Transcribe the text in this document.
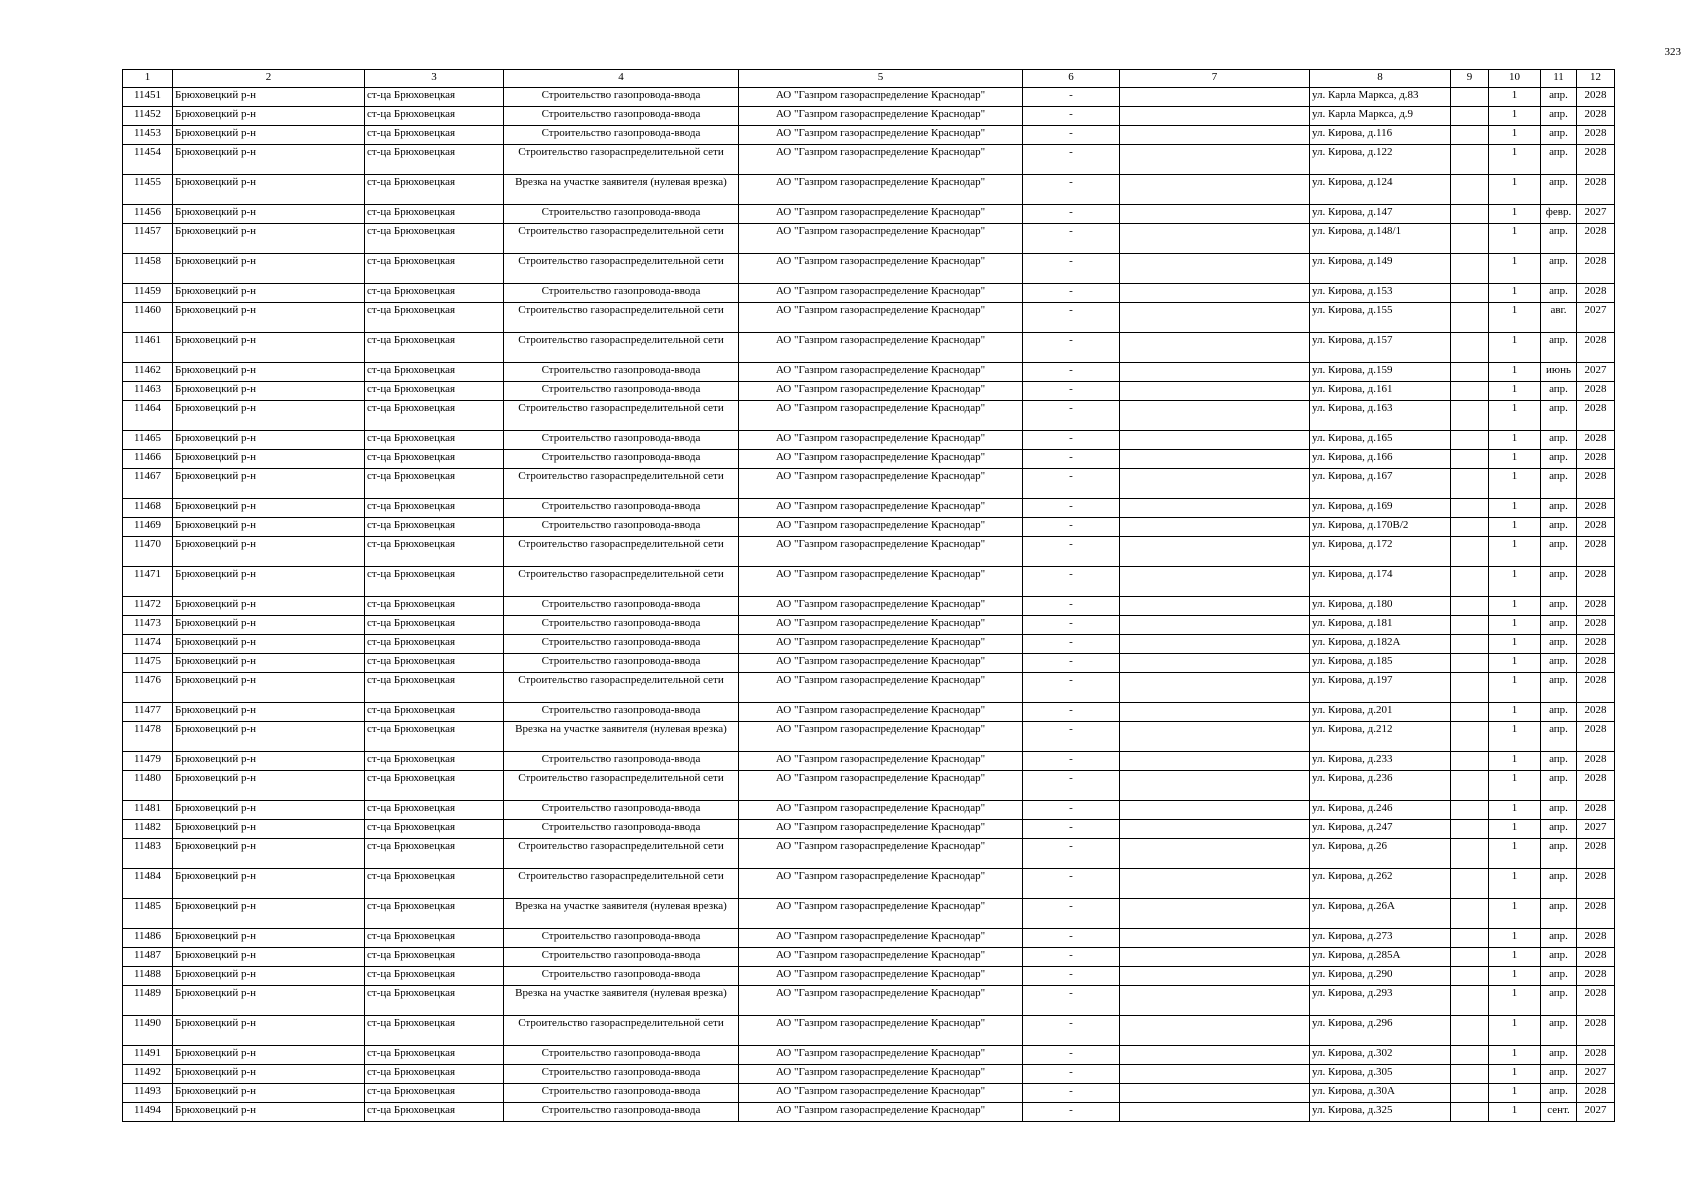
323
1	2	3	4	5	6	7	8	9	10	11	12
11451	Брюховецкий р-н	ст-ца Брюховецкая	Строительство газопровода-ввода	АО "Газпром газораспределение Краснодар"	-		ул. Карла Маркса, д.83		1	апр.	2028
11452	Брюховецкий р-н	ст-ца Брюховецкая	Строительство газопровода-ввода	АО "Газпром газораспределение Краснодар"	-		ул. Карла Маркса, д.9		1	апр.	2028
11453	Брюховецкий р-н	ст-ца Брюховецкая	Строительство газопровода-ввода	АО "Газпром газораспределение Краснодар"	-		ул. Кирова, д.116		1	апр.	2028
11454	Брюховецкий р-н	ст-ца Брюховецкая	Строительство газораспределительной сети	АО "Газпром газораспределение Краснодар"	-		ул. Кирова, д.122		1	апр.	2028
11455	Брюховецкий р-н	ст-ца Брюховецкая	Врезка на участке заявителя (нулевая врезка)	АО "Газпром газораспределение Краснодар"	-		ул. Кирова, д.124		1	апр.	2028
11456	Брюховецкий р-н	ст-ца Брюховецкая	Строительство газопровода-ввода	АО "Газпром газораспределение Краснодар"	-		ул. Кирова, д.147		1	февр.	2027
11457	Брюховецкий р-н	ст-ца Брюховецкая	Строительство газораспределительной сети	АО "Газпром газораспределение Краснодар"	-		ул. Кирова, д.148/1		1	апр.	2028
11458	Брюховецкий р-н	ст-ца Брюховецкая	Строительство газораспределительной сети	АО "Газпром газораспределение Краснодар"	-		ул. Кирова, д.149		1	апр.	2028
11459	Брюховецкий р-н	ст-ца Брюховецкая	Строительство газопровода-ввода	АО "Газпром газораспределение Краснодар"	-		ул. Кирова, д.153		1	апр.	2028
11460	Брюховецкий р-н	ст-ца Брюховецкая	Строительство газораспределительной сети	АО "Газпром газораспределение Краснодар"	-		ул. Кирова, д.155		1	авг.	2027
11461	Брюховецкий р-н	ст-ца Брюховецкая	Строительство газораспределительной сети	АО "Газпром газораспределение Краснодар"	-		ул. Кирова, д.157		1	апр.	2028
11462	Брюховецкий р-н	ст-ца Брюховецкая	Строительство газопровода-ввода	АО "Газпром газораспределение Краснодар"	-		ул. Кирова, д.159		1	июнь	2027
11463	Брюховецкий р-н	ст-ца Брюховецкая	Строительство газопровода-ввода	АО "Газпром газораспределение Краснодар"	-		ул. Кирова, д.161		1	апр.	2028
11464	Брюховецкий р-н	ст-ца Брюховецкая	Строительство газораспределительной сети	АО "Газпром газораспределение Краснодар"	-		ул. Кирова, д.163		1	апр.	2028
11465	Брюховецкий р-н	ст-ца Брюховецкая	Строительство газопровода-ввода	АО "Газпром газораспределение Краснодар"	-		ул. Кирова, д.165		1	апр.	2028
11466	Брюховецкий р-н	ст-ца Брюховецкая	Строительство газопровода-ввода	АО "Газпром газораспределение Краснодар"	-		ул. Кирова, д.166		1	апр.	2028
11467	Брюховецкий р-н	ст-ца Брюховецкая	Строительство газораспределительной сети	АО "Газпром газораспределение Краснодар"	-		ул. Кирова, д.167		1	апр.	2028
11468	Брюховецкий р-н	ст-ца Брюховецкая	Строительство газопровода-ввода	АО "Газпром газораспределение Краснодар"	-		ул. Кирова, д.169		1	апр.	2028
11469	Брюховецкий р-н	ст-ца Брюховецкая	Строительство газопровода-ввода	АО "Газпром газораспределение Краснодар"	-		ул. Кирова, д.170В/2		1	апр.	2028
11470	Брюховецкий р-н	ст-ца Брюховецкая	Строительство газораспределительной сети	АО "Газпром газораспределение Краснодар"	-		ул. Кирова, д.172		1	апр.	2028
11471	Брюховецкий р-н	ст-ца Брюховецкая	Строительство газораспределительной сети	АО "Газпром газораспределение Краснодар"	-		ул. Кирова, д.174		1	апр.	2028
11472	Брюховецкий р-н	ст-ца Брюховецкая	Строительство газопровода-ввода	АО "Газпром газораспределение Краснодар"	-		ул. Кирова, д.180		1	апр.	2028
11473	Брюховецкий р-н	ст-ца Брюховецкая	Строительство газопровода-ввода	АО "Газпром газораспределение Краснодар"	-		ул. Кирова, д.181		1	апр.	2028
11474	Брюховецкий р-н	ст-ца Брюховецкая	Строительство газопровода-ввода	АО "Газпром газораспределение Краснодар"	-		ул. Кирова, д.182А		1	апр.	2028
11475	Брюховецкий р-н	ст-ца Брюховецкая	Строительство газопровода-ввода	АО "Газпром газораспределение Краснодар"	-		ул. Кирова, д.185		1	апр.	2028
11476	Брюховецкий р-н	ст-ца Брюховецкая	Строительство газораспределительной сети	АО "Газпром газораспределение Краснодар"	-		ул. Кирова, д.197		1	апр.	2028
11477	Брюховецкий р-н	ст-ца Брюховецкая	Строительство газопровода-ввода	АО "Газпром газораспределение Краснодар"	-		ул. Кирова, д.201		1	апр.	2028
11478	Брюховецкий р-н	ст-ца Брюховецкая	Врезка на участке заявителя (нулевая врезка)	АО "Газпром газораспределение Краснодар"	-		ул. Кирова, д.212		1	апр.	2028
11479	Брюховецкий р-н	ст-ца Брюховецкая	Строительство газопровода-ввода	АО "Газпром газораспределение Краснодар"	-		ул. Кирова, д.233		1	апр.	2028
11480	Брюховецкий р-н	ст-ца Брюховецкая	Строительство газораспределительной сети	АО "Газпром газораспределение Краснодар"	-		ул. Кирова, д.236		1	апр.	2028
11481	Брюховецкий р-н	ст-ца Брюховецкая	Строительство газопровода-ввода	АО "Газпром газораспределение Краснодар"	-		ул. Кирова, д.246		1	апр.	2028
11482	Брюховецкий р-н	ст-ца Брюховецкая	Строительство газопровода-ввода	АО "Газпром газораспределение Краснодар"	-		ул. Кирова, д.247		1	апр.	2027
11483	Брюховецкий р-н	ст-ца Брюховецкая	Строительство газораспределительной сети	АО "Газпром газораспределение Краснодар"	-		ул. Кирова, д.26		1	апр.	2028
11484	Брюховецкий р-н	ст-ца Брюховецкая	Строительство газораспределительной сети	АО "Газпром газораспределение Краснодар"	-		ул. Кирова, д.262		1	апр.	2028
11485	Брюховецкий р-н	ст-ца Брюховецкая	Врезка на участке заявителя (нулевая врезка)	АО "Газпром газораспределение Краснодар"	-		ул. Кирова, д.26А		1	апр.	2028
11486	Брюховецкий р-н	ст-ца Брюховецкая	Строительство газопровода-ввода	АО "Газпром газораспределение Краснодар"	-		ул. Кирова, д.273		1	апр.	2028
11487	Брюховецкий р-н	ст-ца Брюховецкая	Строительство газопровода-ввода	АО "Газпром газораспределение Краснодар"	-		ул. Кирова, д.285А		1	апр.	2028
11488	Брюховецкий р-н	ст-ца Брюховецкая	Строительство газопровода-ввода	АО "Газпром газораспределение Краснодар"	-		ул. Кирова, д.290		1	апр.	2028
11489	Брюховецкий р-н	ст-ца Брюховецкая	Врезка на участке заявителя (нулевая врезка)	АО "Газпром газораспределение Краснодар"	-		ул. Кирова, д.293		1	апр.	2028
11490	Брюховецкий р-н	ст-ца Брюховецкая	Строительство газораспределительной сети	АО "Газпром газораспределение Краснодар"	-		ул. Кирова, д.296		1	апр.	2028
11491	Брюховецкий р-н	ст-ца Брюховецкая	Строительство газопровода-ввода	АО "Газпром газораспределение Краснодар"	-		ул. Кирова, д.302		1	апр.	2028
11492	Брюховецкий р-н	ст-ца Брюховецкая	Строительство газопровода-ввода	АО "Газпром газораспределение Краснодар"	-		ул. Кирова, д.305		1	апр.	2027
11493	Брюховецкий р-н	ст-ца Брюховецкая	Строительство газопровода-ввода	АО "Газпром газораспределение Краснодар"	-		ул. Кирова, д.30А		1	апр.	2028
11494	Брюховецкий р-н	ст-ца Брюховецкая	Строительство газопровода-ввода	АО "Газпром газораспределение Краснодар"	-		ул. Кирова, д.325		1	сент.	2027
